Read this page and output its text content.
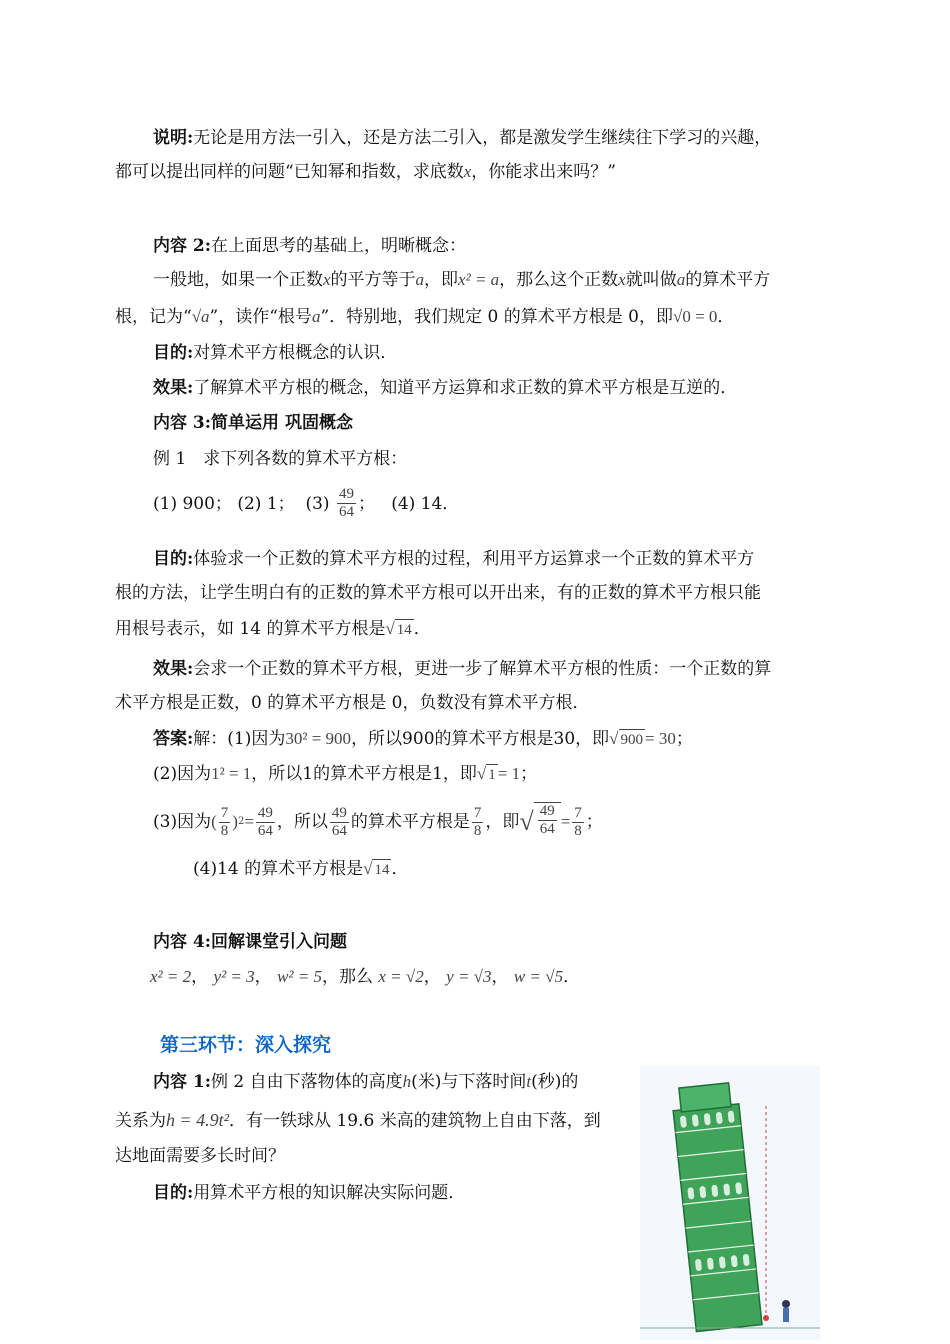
说明:无论是用方法一引入，还是方法二引入，都是激发学生继续往下学习的兴趣，
都可以提出同样的问题“已知幂和指数，求底数x，你能求出来吗？”
内容 2:在上面思考的基础上，明晰概念：
一般地，如果一个正数x的平方等于a，即x² = a，那么这个正数x就叫做a的算术平方
根，记为“√a”，读作“根号a”．特别地，我们规定 0 的算术平方根是 0，即√0 = 0．
目的:对算术平方根概念的认识．
效果:了解算术平方根的概念，知道平方运算和求正数的算术平方根是互逆的．
内容 3:简单运用 巩固概念
例 1　求下列各数的算术平方根：
(1) 900；
(2) 1；
(3)
$\frac{49}{64}$ ；
(4) 14．
目的:体验求一个正数的算术平方根的过程，利用平方运算求一个正数的算术平方
根的方法，让学生明白有的正数的算术平方根可以开出来，有的正数的算术平方根只能
用根号表示，如 14 的算术平方根是 √ 14 ．
效果:会求一个正数的算术平方根，更进一步了解算术平方根的性质：一个正数的算
术平方根是正数，0 的算术平方根是 0，负数没有算术平方根．
答案: 解：(1)因为 30² = 900 ，所以900的算术平方根是30，即 √ 900 = 30 ；
(2)因为 1² = 1 ，所以1的算术平方根是1，即 √ 1 = 1 ；
(3)因为 ( $\frac{7}{8}$ ) $2 = \frac{49}{64}$ ，所以 $\frac{49}{64}$ 的算术平方根是 $\frac{7}{8}$ ，即 √ $\frac{49}{64} = \frac{7}{8}$ ；
(4)14 的算术平方根是 √ 14 ．
内容 4:回解课堂引入问题
x² = 2， y² = 3， w² = 5，那么 x = √2， y = √3， w = √5．
第三环节：深入探究
内容 1:例 2 自由下落物体的高度h(米)与下落时间t(秒)的
关系为h = 4.9t²．有一铁球从 19.6 米高的建筑物上自由下落，到
达地面需要多长时间？
目的:用算术平方根的知识解决实际问题．
